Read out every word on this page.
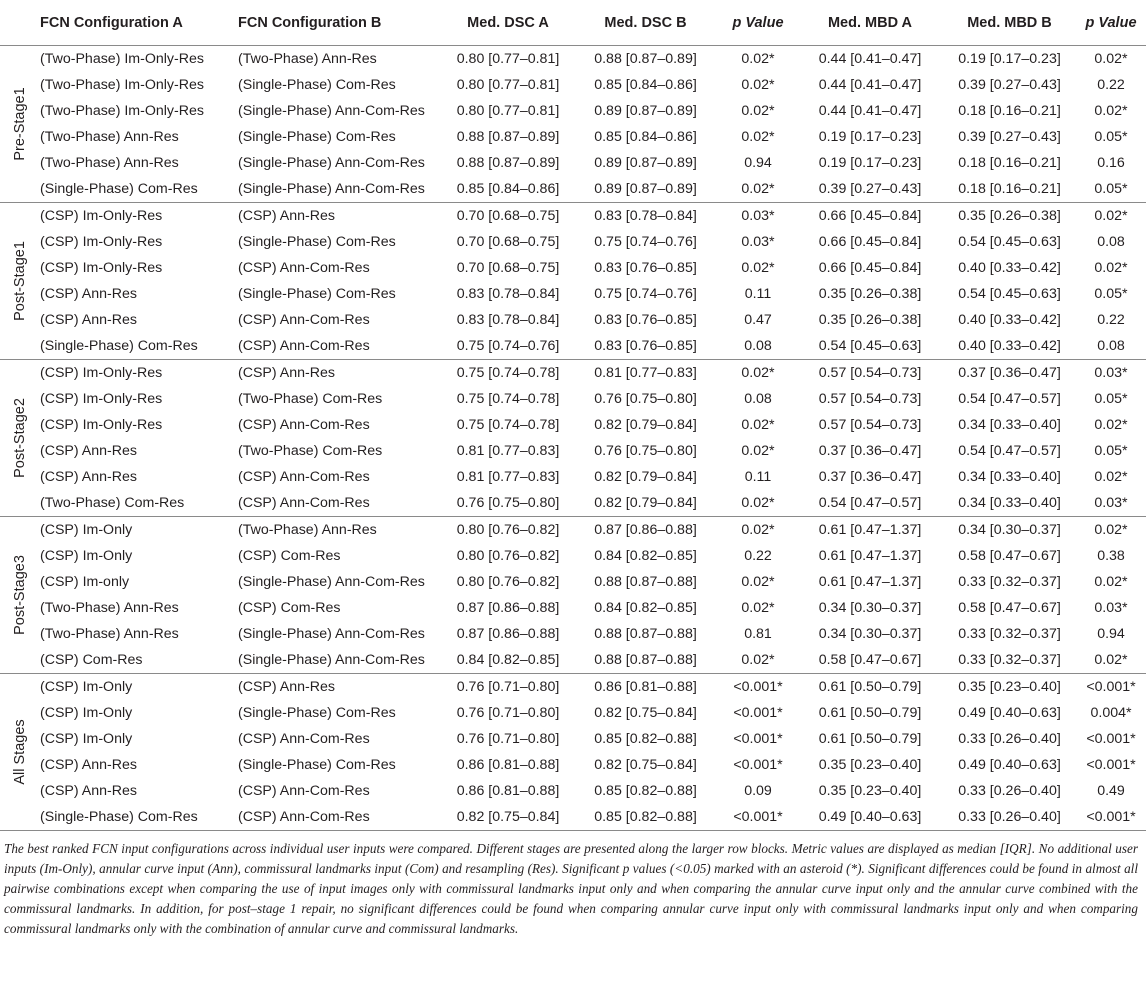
	FCN Configuration A	FCN Configuration B	Med. DSC A	Med. DSC B	p Value	Med. MBD A	Med. MBD B	p Value

Pre-Stage1	(Two-Phase) Im-Only-Res	(Two-Phase) Ann-Res	0.80 [0.77–0.81]	0.88 [0.87–0.89]	0.02*	0.44 [0.41–0.47]	0.19 [0.17–0.23]	0.02*
	(Two-Phase) Im-Only-Res	(Single-Phase) Com-Res	0.80 [0.77–0.81]	0.85 [0.84–0.86]	0.02*	0.44 [0.41–0.47]	0.39 [0.27–0.43]	0.22
	(Two-Phase) Im-Only-Res	(Single-Phase) Ann-Com-Res	0.80 [0.77–0.81]	0.89 [0.87–0.89]	0.02*	0.44 [0.41–0.47]	0.18 [0.16–0.21]	0.02*
	(Two-Phase) Ann-Res	(Single-Phase) Com-Res	0.88 [0.87–0.89]	0.85 [0.84–0.86]	0.02*	0.19 [0.17–0.23]	0.39 [0.27–0.43]	0.05*
	(Two-Phase) Ann-Res	(Single-Phase) Ann-Com-Res	0.88 [0.87–0.89]	0.89 [0.87–0.89]	0.94	0.19 [0.17–0.23]	0.18 [0.16–0.21]	0.16
	(Single-Phase) Com-Res	(Single-Phase) Ann-Com-Res	0.85 [0.84–0.86]	0.89 [0.87–0.89]	0.02*	0.39 [0.27–0.43]	0.18 [0.16–0.21]	0.05*

Post-Stage1	(CSP) Im-Only-Res	(CSP) Ann-Res	0.70 [0.68–0.75]	0.83 [0.78–0.84]	0.03*	0.66 [0.45–0.84]	0.35 [0.26–0.38]	0.02*
	(CSP) Im-Only-Res	(Single-Phase) Com-Res	0.70 [0.68–0.75]	0.75 [0.74–0.76]	0.03*	0.66 [0.45–0.84]	0.54 [0.45–0.63]	0.08
	(CSP) Im-Only-Res	(CSP) Ann-Com-Res	0.70 [0.68–0.75]	0.83 [0.76–0.85]	0.02*	0.66 [0.45–0.84]	0.40 [0.33–0.42]	0.02*
	(CSP) Ann-Res	(Single-Phase) Com-Res	0.83 [0.78–0.84]	0.75 [0.74–0.76]	0.11	0.35 [0.26–0.38]	0.54 [0.45–0.63]	0.05*
	(CSP) Ann-Res	(CSP) Ann-Com-Res	0.83 [0.78–0.84]	0.83 [0.76–0.85]	0.47	0.35 [0.26–0.38]	0.40 [0.33–0.42]	0.22
	(Single-Phase) Com-Res	(CSP) Ann-Com-Res	0.75 [0.74–0.76]	0.83 [0.76–0.85]	0.08	0.54 [0.45–0.63]	0.40 [0.33–0.42]	0.08

Post-Stage2	(CSP) Im-Only-Res	(CSP) Ann-Res	0.75 [0.74–0.78]	0.81 [0.77–0.83]	0.02*	0.57 [0.54–0.73]	0.37 [0.36–0.47]	0.03*
	(CSP) Im-Only-Res	(Two-Phase) Com-Res	0.75 [0.74–0.78]	0.76 [0.75–0.80]	0.08	0.57 [0.54–0.73]	0.54 [0.47–0.57]	0.05*
	(CSP) Im-Only-Res	(CSP) Ann-Com-Res	0.75 [0.74–0.78]	0.82 [0.79–0.84]	0.02*	0.57 [0.54–0.73]	0.34 [0.33–0.40]	0.02*
	(CSP) Ann-Res	(Two-Phase) Com-Res	0.81 [0.77–0.83]	0.76 [0.75–0.80]	0.02*	0.37 [0.36–0.47]	0.54 [0.47–0.57]	0.05*
	(CSP) Ann-Res	(CSP) Ann-Com-Res	0.81 [0.77–0.83]	0.82 [0.79–0.84]	0.11	0.37 [0.36–0.47]	0.34 [0.33–0.40]	0.02*
	(Two-Phase) Com-Res	(CSP) Ann-Com-Res	0.76 [0.75–0.80]	0.82 [0.79–0.84]	0.02*	0.54 [0.47–0.57]	0.34 [0.33–0.40]	0.03*

Post-Stage3	(CSP) Im-Only	(Two-Phase) Ann-Res	0.80 [0.76–0.82]	0.87 [0.86–0.88]	0.02*	0.61 [0.47–1.37]	0.34 [0.30–0.37]	0.02*
	(CSP) Im-Only	(CSP) Com-Res	0.80 [0.76–0.82]	0.84 [0.82–0.85]	0.22	0.61 [0.47–1.37]	0.58 [0.47–0.67]	0.38
	(CSP) Im-only	(Single-Phase) Ann-Com-Res	0.80 [0.76–0.82]	0.88 [0.87–0.88]	0.02*	0.61 [0.47–1.37]	0.33 [0.32–0.37]	0.02*
	(Two-Phase) Ann-Res	(CSP) Com-Res	0.87 [0.86–0.88]	0.84 [0.82–0.85]	0.02*	0.34 [0.30–0.37]	0.58 [0.47–0.67]	0.03*
	(Two-Phase) Ann-Res	(Single-Phase) Ann-Com-Res	0.87 [0.86–0.88]	0.88 [0.87–0.88]	0.81	0.34 [0.30–0.37]	0.33 [0.32–0.37]	0.94
	(CSP) Com-Res	(Single-Phase) Ann-Com-Res	0.84 [0.82–0.85]	0.88 [0.87–0.88]	0.02*	0.58 [0.47–0.67]	0.33 [0.32–0.37]	0.02*

All Stages	(CSP) Im-Only	(CSP) Ann-Res	0.76 [0.71–0.80]	0.86 [0.81–0.88]	<0.001*	0.61 [0.50–0.79]	0.35 [0.23–0.40]	<0.001*
	(CSP) Im-Only	(Single-Phase) Com-Res	0.76 [0.71–0.80]	0.82 [0.75–0.84]	<0.001*	0.61 [0.50–0.79]	0.49 [0.40–0.63]	0.004*
	(CSP) Im-Only	(CSP) Ann-Com-Res	0.76 [0.71–0.80]	0.85 [0.82–0.88]	<0.001*	0.61 [0.50–0.79]	0.33 [0.26–0.40]	<0.001*
	(CSP) Ann-Res	(Single-Phase) Com-Res	0.86 [0.81–0.88]	0.82 [0.75–0.84]	<0.001*	0.35 [0.23–0.40]	0.49 [0.40–0.63]	<0.001*
	(CSP) Ann-Res	(CSP) Ann-Com-Res	0.86 [0.81–0.88]	0.85 [0.82–0.88]	0.09	0.35 [0.23–0.40]	0.33 [0.26–0.40]	0.49
	(Single-Phase) Com-Res	(CSP) Ann-Com-Res	0.82 [0.75–0.84]	0.85 [0.82–0.88]	<0.001*	0.49 [0.40–0.63]	0.33 [0.26–0.40]	<0.001*
The best ranked FCN input configurations across individual user inputs were compared. Different stages are presented along the larger row blocks. Metric values are displayed as median [IQR]. No additional user inputs (Im-Only), annular curve input (Ann), commissural landmarks input (Com) and resampling (Res). Significant p values (<0.05) marked with an asteroid (*). Significant differences could be found in almost all pairwise combinations except when comparing the use of input images only with commissural landmarks input only and when comparing the annular curve input only and the annular curve combined with the commissural landmarks. In addition, for post–stage 1 repair, no significant differences could be found when comparing annular curve input only with commissural landmarks input only and when comparing commissural landmarks only with the combination of annular curve and commissural landmarks.
